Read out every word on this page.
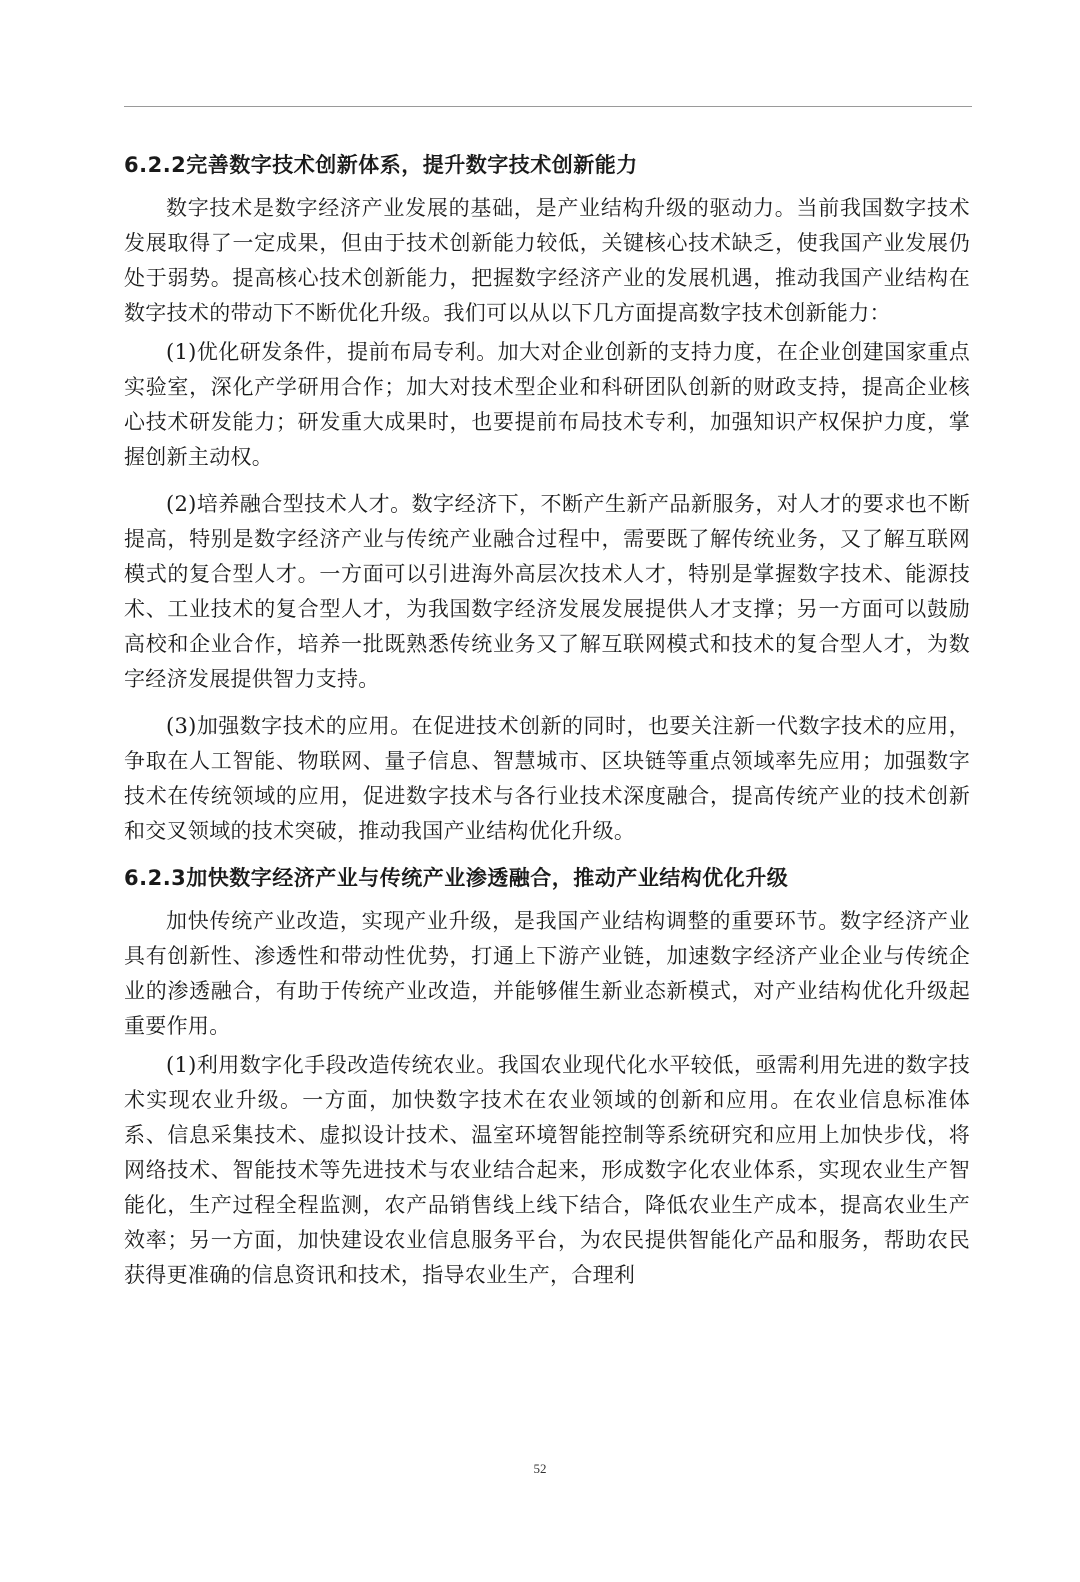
6.2.2完善数字技术创新体系，提升数字技术创新能力

数字技术是数字经济产业发展的基础，是产业结构升级的驱动力。当前我国数字技术发展取得了一定成果，但由于技术创新能力较低，关键核心技术缺乏，使我国产业发展仍处于弱势。提高核心技术创新能力，把握数字经济产业的发展机遇，推动我国产业结构在数字技术的带动下不断优化升级。我们可以从以下几方面提高数字技术创新能力：

(1)优化研发条件，提前布局专利。加大对企业创新的支持力度，在企业创建国家重点实验室，深化产学研用合作；加大对技术型企业和科研团队创新的财政支持，提高企业核心技术研发能力；研发重大成果时，也要提前布局技术专利，加强知识产权保护力度，掌握创新主动权。

(2)培养融合型技术人才。数字经济下，不断产生新产品新服务，对人才的要求也不断提高，特别是数字经济产业与传统产业融合过程中，需要既了解传统业务，又了解互联网模式的复合型人才。一方面可以引进海外高层次技术人才，特别是掌握数字技术、能源技术、工业技术的复合型人才，为我国数字经济发展发展提供人才支撑；另一方面可以鼓励高校和企业合作，培养一批既熟悉传统业务又了解互联网模式和技术的复合型人才，为数字经济发展提供智力支持。

(3)加强数字技术的应用。在促进技术创新的同时，也要关注新一代数字技术的应用，争取在人工智能、物联网、量子信息、智慧城市、区块链等重点领域率先应用；加强数字技术在传统领域的应用，促进数字技术与各行业技术深度融合，提高传统产业的技术创新和交叉领域的技术突破，推动我国产业结构优化升级。

6.2.3加快数字经济产业与传统产业渗透融合，推动产业结构优化升级

加快传统产业改造，实现产业升级，是我国产业结构调整的重要环节。数字经济产业具有创新性、渗透性和带动性优势，打通上下游产业链，加速数字经济产业企业与传统企业的渗透融合，有助于传统产业改造，并能够催生新业态新模式，对产业结构优化升级起重要作用。

(1)利用数字化手段改造传统农业。我国农业现代化水平较低，亟需利用先进的数字技术实现农业升级。一方面，加快数字技术在农业领域的创新和应用。在农业信息标准体系、信息采集技术、虚拟设计技术、温室环境智能控制等系统研究和应用上加快步伐，将网络技术、智能技术等先进技术与农业结合起来，形成数字化农业体系，实现农业生产智能化，生产过程全程监测，农产品销售线上线下结合，降低农业生产成本，提高农业生产效率；另一方面，加快建设农业信息服务平台，为农民提供智能化产品和服务，帮助农民获得更准确的信息资讯和技术，指导农业生产，合理利

52
